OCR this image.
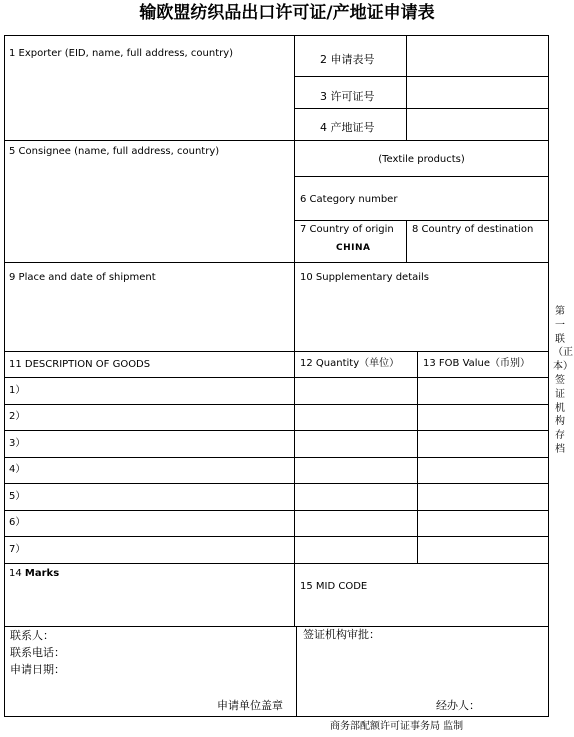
输欧盟纺织品出口许可证/产地证申请表
1 Exporter (EID, name, full address, country)	2 申请表号
3 许可证号
4 产地证号
5 Consignee (name, full address, country)
(Textile products)
6 Category number
7 Country of origin
CHINA
8 Country of destination
9 Place and date of shipment	10 Supplementary details
11 DESCRIPTION OF GOODS	12 Quantity（单位） 13 FOB Value（币别）
1）
2）
3）
4）
5）
6）
7）
14 Marks
15 MID CODE
联系人：
联系电话：
申请日期：
申请单位盖章
签证机构审批：
经办人：
商务部配额许可证事务局 监制
第一联（正本）签证机构存档
